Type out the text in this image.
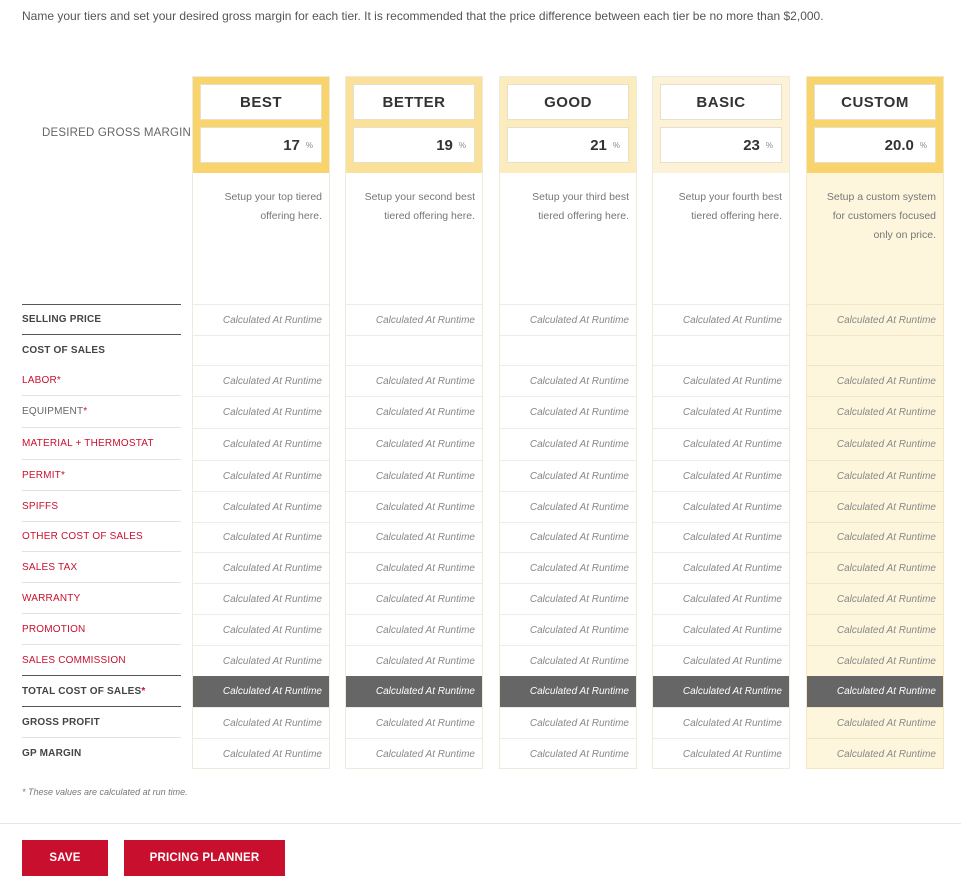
Name your tiers and set your desired gross margin for each tier. It is recommended that the price difference between each tier be no more than $2,000.
DESIRED GROSS MARGIN
SELLING PRICE
COST OF SALES
LABOR *
EQUIPMENT *
MATERIAL + THERMOSTAT
PERMIT *
SPIFFS
OTHER COST OF SALES
SALES TAX
WARRANTY
PROMOTION
SALES COMMISSION
TOTAL COST OF SALES *
GROSS PROFIT
GP MARGIN
BEST
17 %
Setup your top tiered offering here.
Calculated At Runtime
Calculated At Runtime
Calculated At Runtime
Calculated At Runtime
Calculated At Runtime
Calculated At Runtime
Calculated At Runtime
Calculated At Runtime
Calculated At Runtime
Calculated At Runtime
Calculated At Runtime
Calculated At Runtime
Calculated At Runtime
Calculated At Runtime
BETTER
19 %
Setup your second best tiered offering here.
Calculated At Runtime
Calculated At Runtime
Calculated At Runtime
Calculated At Runtime
Calculated At Runtime
Calculated At Runtime
Calculated At Runtime
Calculated At Runtime
Calculated At Runtime
Calculated At Runtime
Calculated At Runtime
Calculated At Runtime
Calculated At Runtime
Calculated At Runtime
GOOD
21 %
Setup your third best tiered offering here.
Calculated At Runtime
Calculated At Runtime
Calculated At Runtime
Calculated At Runtime
Calculated At Runtime
Calculated At Runtime
Calculated At Runtime
Calculated At Runtime
Calculated At Runtime
Calculated At Runtime
Calculated At Runtime
Calculated At Runtime
Calculated At Runtime
Calculated At Runtime
BASIC
23 %
Setup your fourth best tiered offering here.
Calculated At Runtime
Calculated At Runtime
Calculated At Runtime
Calculated At Runtime
Calculated At Runtime
Calculated At Runtime
Calculated At Runtime
Calculated At Runtime
Calculated At Runtime
Calculated At Runtime
Calculated At Runtime
Calculated At Runtime
Calculated At Runtime
Calculated At Runtime
CUSTOM
20.0 %
Setup a custom system for customers focused only on price.
Calculated At Runtime
Calculated At Runtime
Calculated At Runtime
Calculated At Runtime
Calculated At Runtime
Calculated At Runtime
Calculated At Runtime
Calculated At Runtime
Calculated At Runtime
Calculated At Runtime
Calculated At Runtime
Calculated At Runtime
Calculated At Runtime
Calculated At Runtime
* These values are calculated at run time.
SAVE	PRICING PLANNER
